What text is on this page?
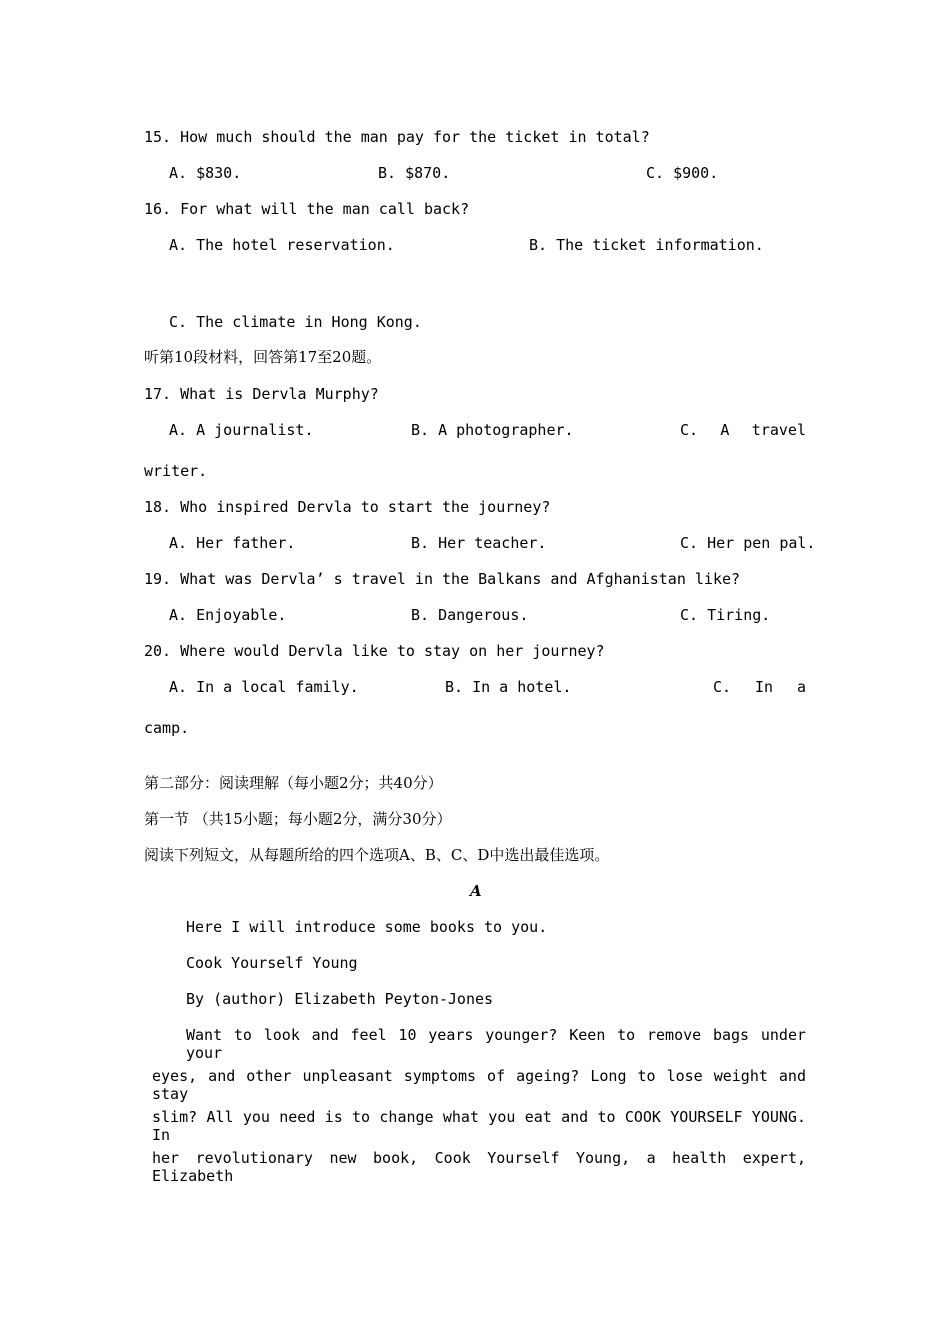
15. How much should the man pay for the ticket in total?
A. $830.	B. $870.	C. $900.
16. For what will the man call back?
A. The hotel reservation.	B. The ticket information.
C. The climate in Hong Kong.
听第10段材料，回答第17至20题。
17. What is Dervla Murphy?
A. A journalist.	B. A photographer.	C. A travel
writer.
18. Who inspired Dervla to start the journey?
A. Her father.	B. Her teacher.	C. Her pen pal.
19. What was Dervla’ s travel in the Balkans and Afghanistan like?
A. Enjoyable.	B. Dangerous.	C. Tiring.
20. Where would Dervla like to stay on her journey?
A. In a local family.	B. In a hotel.	C. In a
camp.
第二部分：阅读理解（每小题2分；共40分）
第一节 （共15小题；每小题2分，满分30分）
阅读下列短文，从每题所给的四个选项A、B、C、D中选出最佳选项。
A
Here I will introduce some books to you.
Cook Yourself Young
By (author) Elizabeth Peyton-Jones
Want to look and feel 10 years younger? Keen to remove bags under your
eyes, and other unpleasant symptoms of ageing? Long to lose weight and stay
slim? All you need is to change what you eat and to COOK YOURSELF YOUNG. In
her revolutionary new book, Cook Yourself Young, a health expert, Elizabeth
